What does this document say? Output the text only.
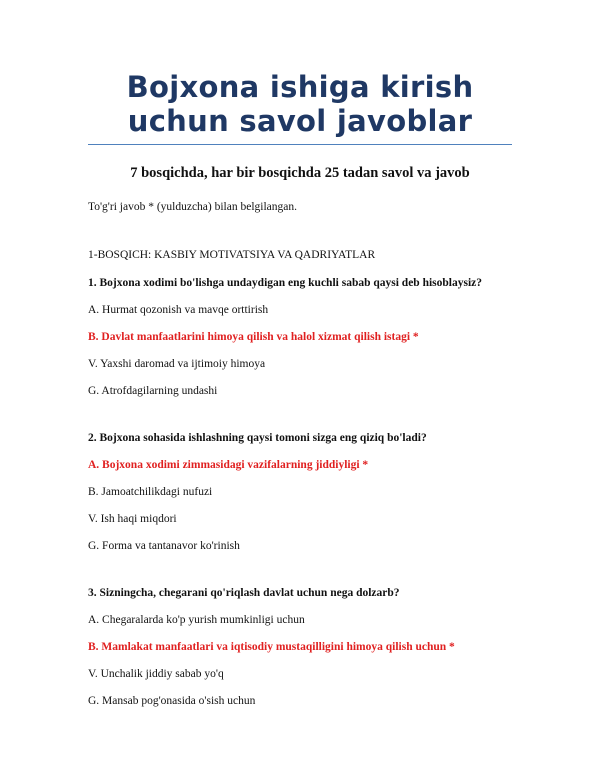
Bojxona ishiga kirish uchun savol javoblar

7 bosqichda, har bir bosqichda 25 tadan savol va javob

To'g'ri javob * (yulduzcha) bilan belgilangan.

1-BOSQICH: KASBIY MOTIVATSIYA VA QADRIYATLAR

1. Bojxona xodimi bo'lishga undaydigan eng kuchli sabab qaysi deb hisoblaysiz?

A. Hurmat qozonish va mavqe orttirish

B. Davlat manfaatlarini himoya qilish va halol xizmat qilish istagi *

V. Yaxshi daromad va ijtimoiy himoya

G. Atrofdagilarning undashi

2. Bojxona sohasida ishlashning qaysi tomoni sizga eng qiziq bo'ladi?

A. Bojxona xodimi zimmasidagi vazifalarning jiddiyligi *

B. Jamoatchilikdagi nufuzi

V. Ish haqi miqdori

G. Forma va tantanavor ko'rinish

3. Sizningcha, chegarani qo'riqlash davlat uchun nega dolzarb?

A. Chegaralarda ko'p yurish mumkinligi uchun

B. Mamlakat manfaatlari va iqtisodiy mustaqilligini himoya qilish uchun *

V. Unchalik jiddiy sabab yo'q

G. Mansab pog'onasida o'sish uchun
